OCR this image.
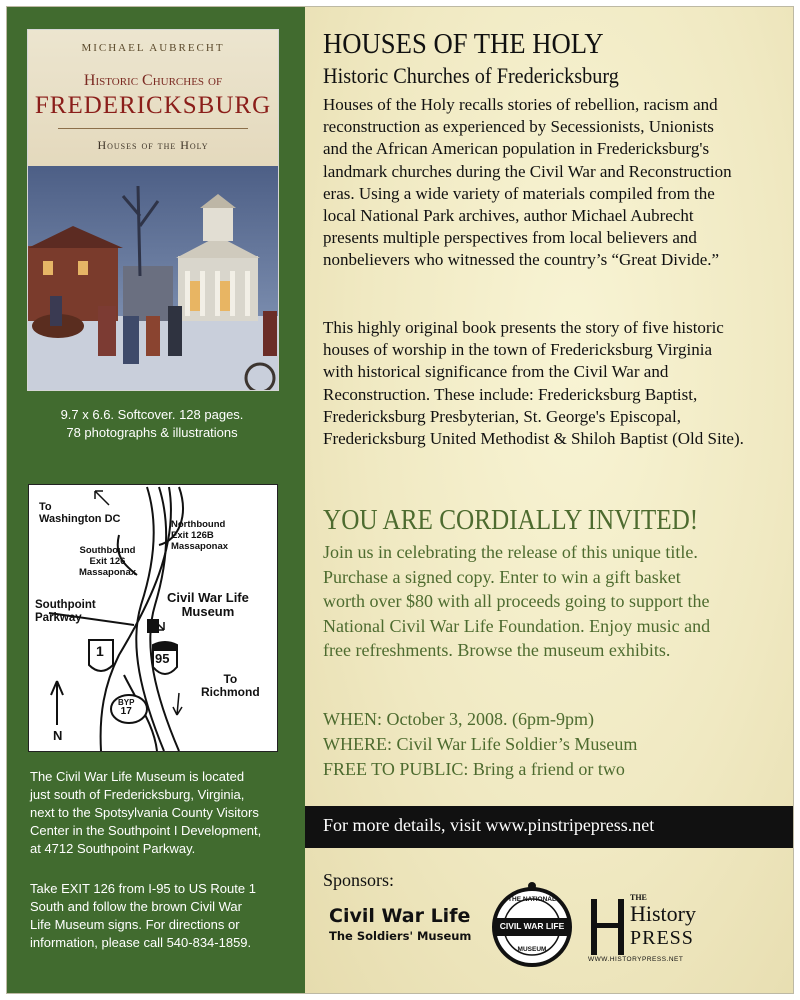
MICHAEL AUBRECHT
Historic Churches of
FREDERICKSBURG
Houses of the Holy
9.7 x 6.6. Softcover. 128 pages.
78 photographs & illustrations
To
Washington DC	Northbound
Exit 126B
Massaponax
Southbound
Exit 126
Massaponax
Southpoint
Parkway
Civil War Life
Museum
1	95
To
Richmond
BYP
17
N
The Civil War Life Museum is located
just south of Fredericksburg, Virginia,
next to the Spotsylvania County Visitors
Center in the Southpoint I Development,
at 4712 Southpoint Parkway.
Take EXIT 126 from I-95 to US Route 1
South and follow the brown Civil War
Life Museum signs. For directions or
information, please call 540-834-1859.
HOUSES OF THE HOLY
Historic Churches of Fredericksburg
Houses of the Holy recalls stories of rebellion, racism and
reconstruction as experienced by Secessionists, Unionists
and the African American population in Fredericksburg's
landmark churches during the Civil War and Reconstruction
eras. Using a wide variety of materials compiled from the
local National Park archives, author Michael Aubrecht
presents multiple perspectives from local believers and
nonbelievers who witnessed the country’s “Great Divide.”
This highly original book presents the story of five historic
houses of worship in the town of Fredericksburg Virginia
with historical significance from the Civil War and
Reconstruction. These include: Fredericksburg Baptist,
Fredericksburg Presbyterian, St. George's Episcopal,
Fredericksburg United Methodist & Shiloh Baptist (Old Site).
YOU ARE CORDIALLY INVITED!
Join us in celebrating the release of this unique title.
Purchase a signed copy. Enter to win a gift basket
worth over $80 with all proceeds going to support the
National Civil War Life Foundation. Enjoy music and
free refreshments. Browse the museum exhibits.
WHEN: October 3, 2008. (6pm-9pm)
WHERE: Civil War Life Soldier’s Museum
FREE TO PUBLIC: Bring a friend or two
For more details, visit www.pinstripepress.net
Sponsors:
Civil War Life
The Soldiers' Museum
THE NATIONAL
CIVIL WAR LIFE
MUSEUM
THE
History
PRESS
WWW.HISTORYPRESS.NET
